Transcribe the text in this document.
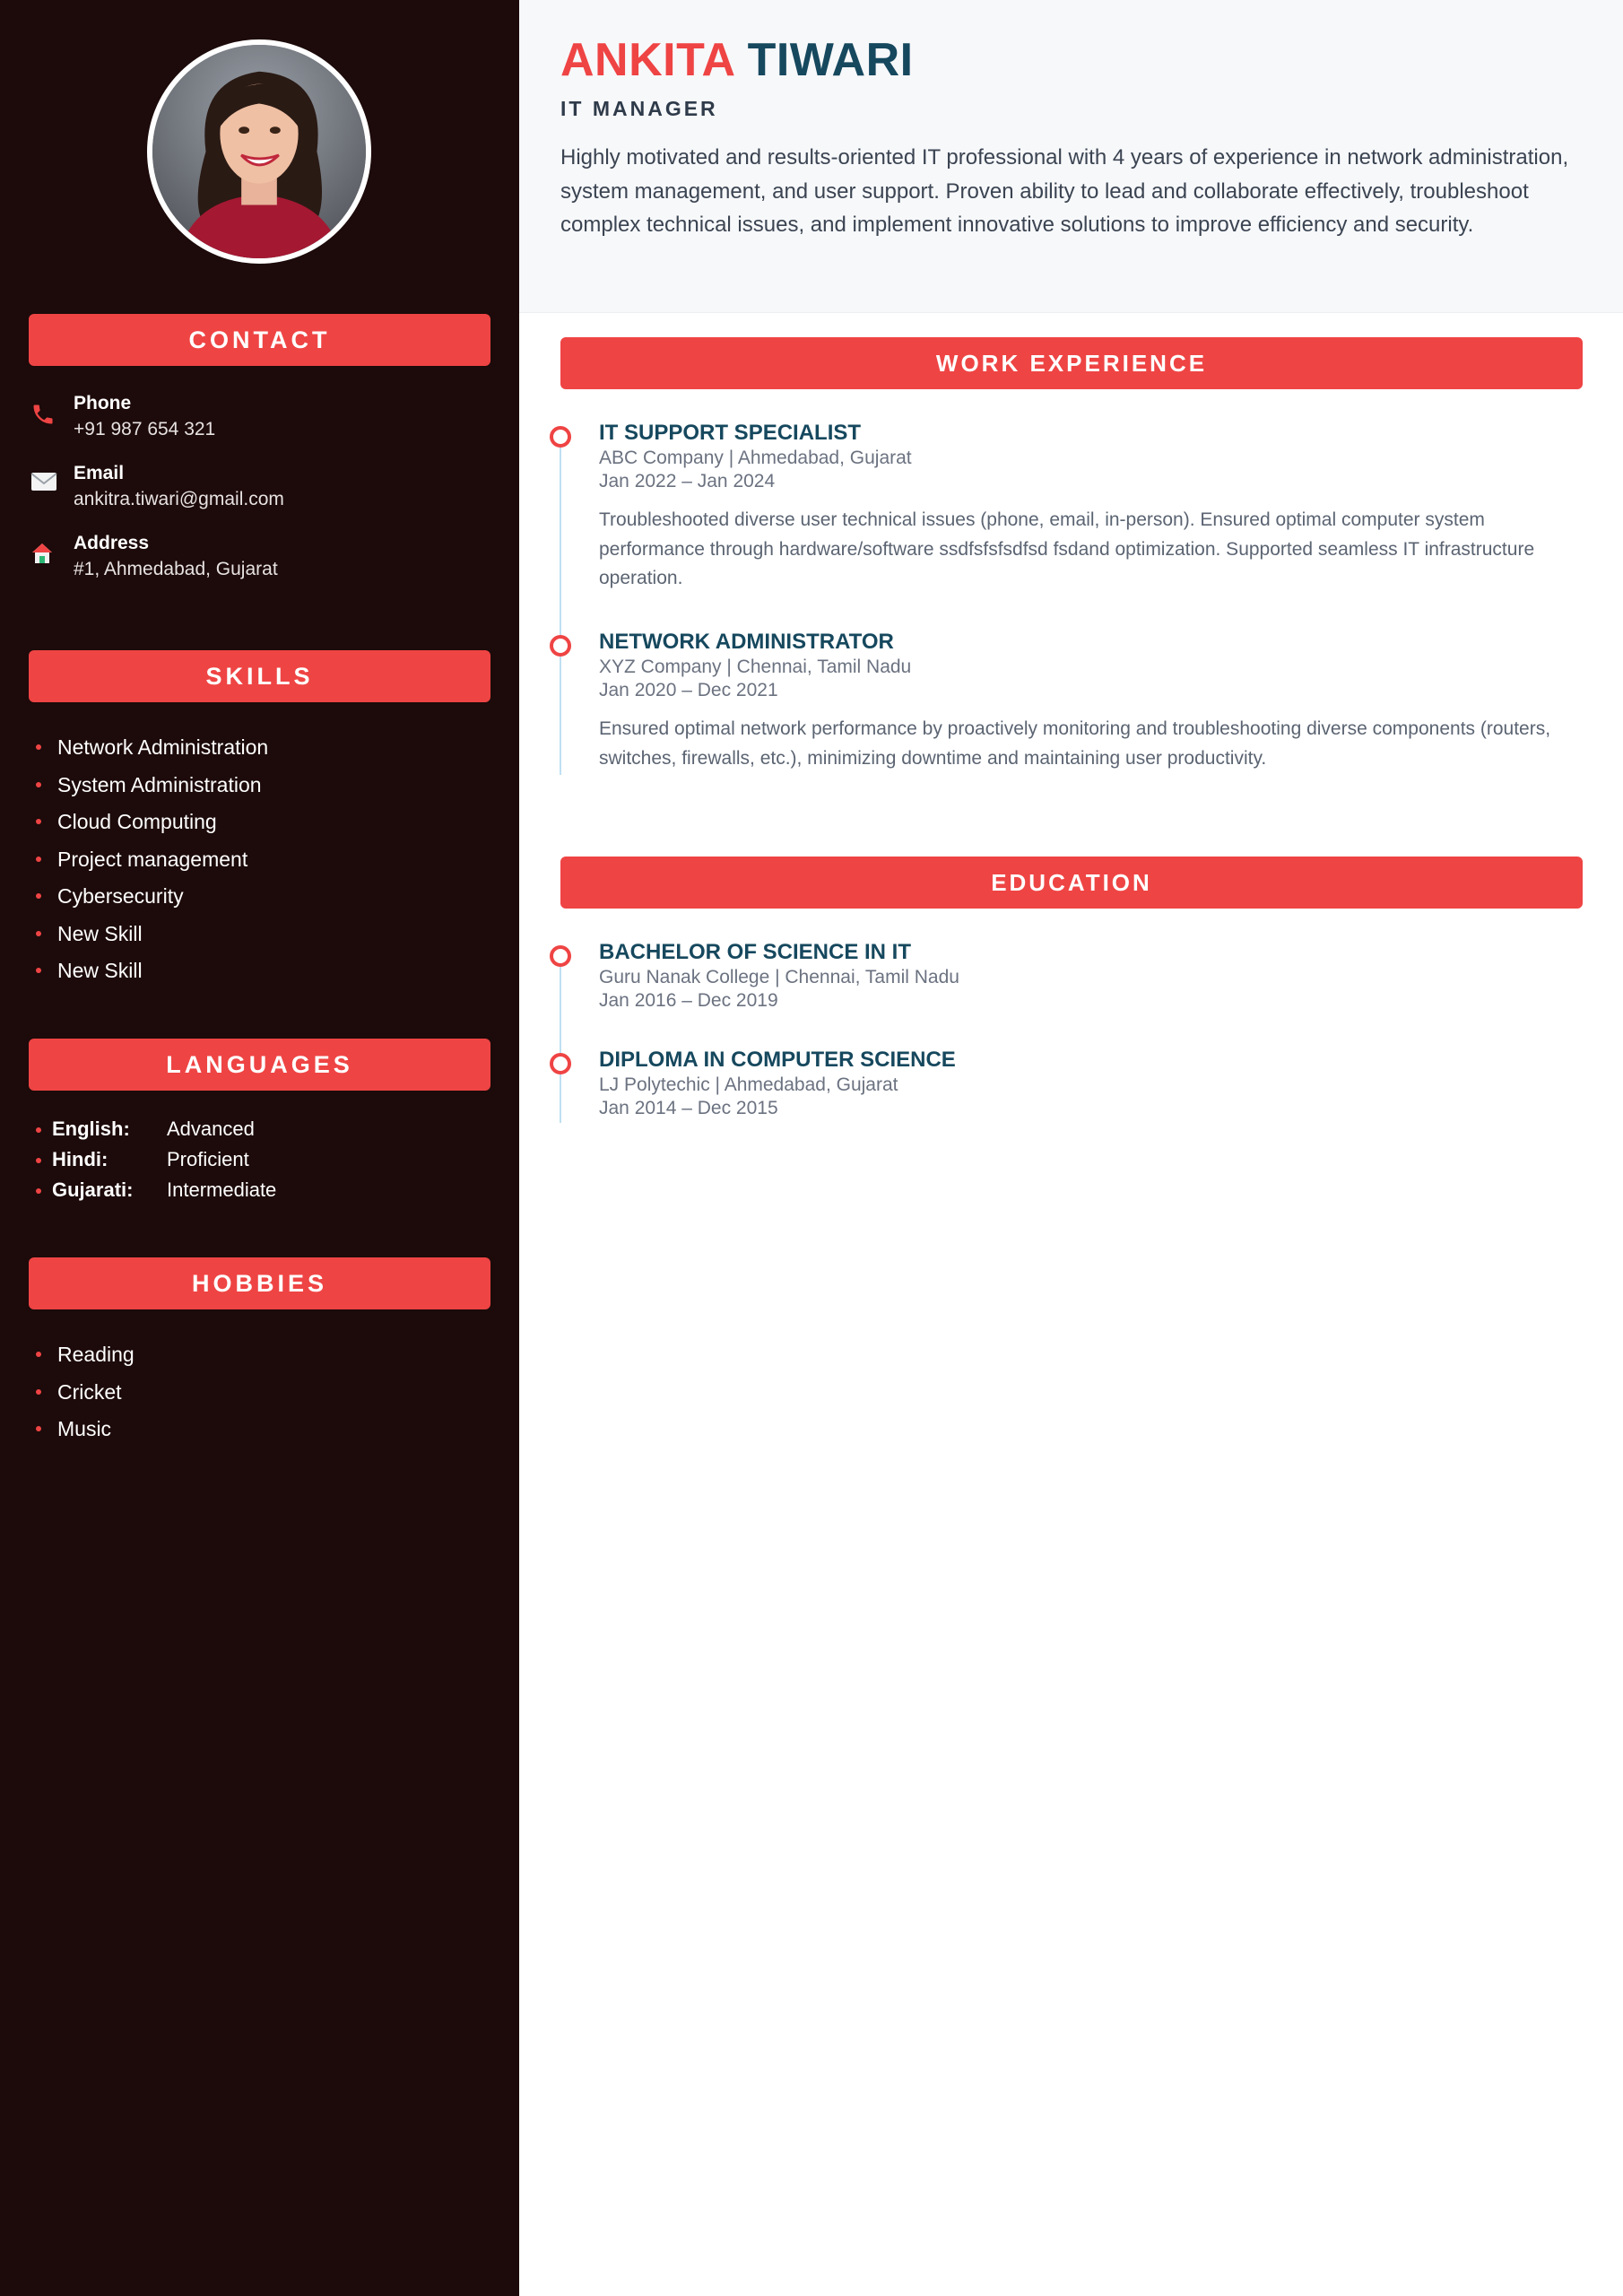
CONTACT
Phone
+91 987 654 321
Email
ankitra.tiwari@gmail.com
Address
#1, Ahmedabad, Gujarat
SKILLS
Network Administration
System Administration
Cloud Computing
Project management
Cybersecurity
New Skill
New Skill
LANGUAGES
English:	Advanced
Hindi:	Proficient
Gujarati:	Intermediate
HOBBIES
Reading
Cricket
Music
ANKITA TIWARI
IT MANAGER
Highly motivated and results-oriented IT professional with 4 years of experience in network administration, system management, and user support. Proven ability to lead and collaborate effectively, troubleshoot complex technical issues, and implement innovative solutions to improve efficiency and security.
WORK EXPERIENCE
IT SUPPORT SPECIALIST
ABC Company | Ahmedabad, Gujarat
Jan 2022 – Jan 2024
Troubleshooted diverse user technical issues (phone, email, in-person). Ensured optimal computer system performance through hardware/software ssdfsfsfsdfsd fsdand optimization. Supported seamless IT infrastructure operation.
NETWORK ADMINISTRATOR
XYZ Company | Chennai, Tamil Nadu
Jan 2020 – Dec 2021
Ensured optimal network performance by proactively monitoring and troubleshooting diverse components (routers, switches, firewalls, etc.), minimizing downtime and maintaining user productivity.
EDUCATION
BACHELOR OF SCIENCE IN IT
Guru Nanak College | Chennai, Tamil Nadu
Jan 2016 – Dec 2019
DIPLOMA IN COMPUTER SCIENCE
LJ Polytechic | Ahmedabad, Gujarat
Jan 2014 – Dec 2015
